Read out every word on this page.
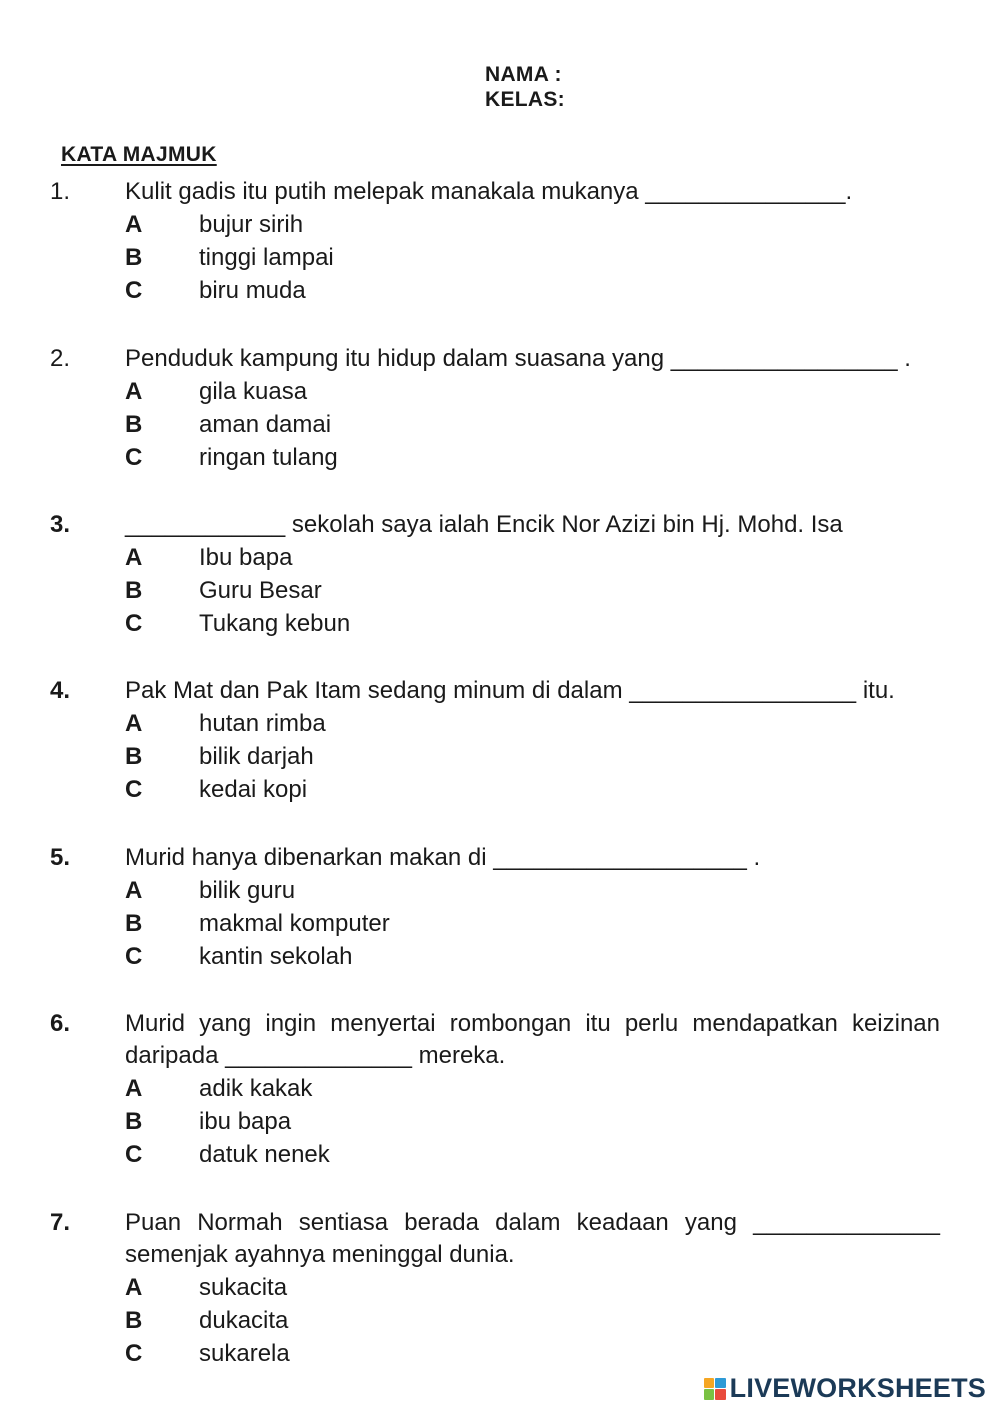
NAMA :
KELAS:
KATA MAJMUK
1. Kulit gadis itu putih melepak manakala mukanya _______________.
A bujur sirih
B tinggi lampai
C biru muda
2. Penduduk kampung itu hidup dalam suasana yang _________________ .
A gila kuasa
B aman damai
C ringan tulang
3. ____________ sekolah saya ialah Encik Nor Azizi bin Hj. Mohd. Isa
A Ibu bapa
B Guru Besar
C Tukang kebun
4. Pak Mat dan Pak Itam sedang minum di dalam _________________ itu.
A hutan rimba
B bilik darjah
C kedai kopi
5. Murid hanya dibenarkan makan di ___________________ .
A bilik guru
B makmal komputer
C kantin sekolah
6. Murid yang ingin menyertai rombongan itu perlu mendapatkan keizinan
daripada ______________ mereka.
A adik kakak
B ibu bapa
C datuk nenek
7. Puan Normah sentiasa berada dalam keadaan yang ______________
semenjak ayahnya meninggal dunia.
A sukacita
B dukacita
C sukarela
LIVEWORKSHEETS
